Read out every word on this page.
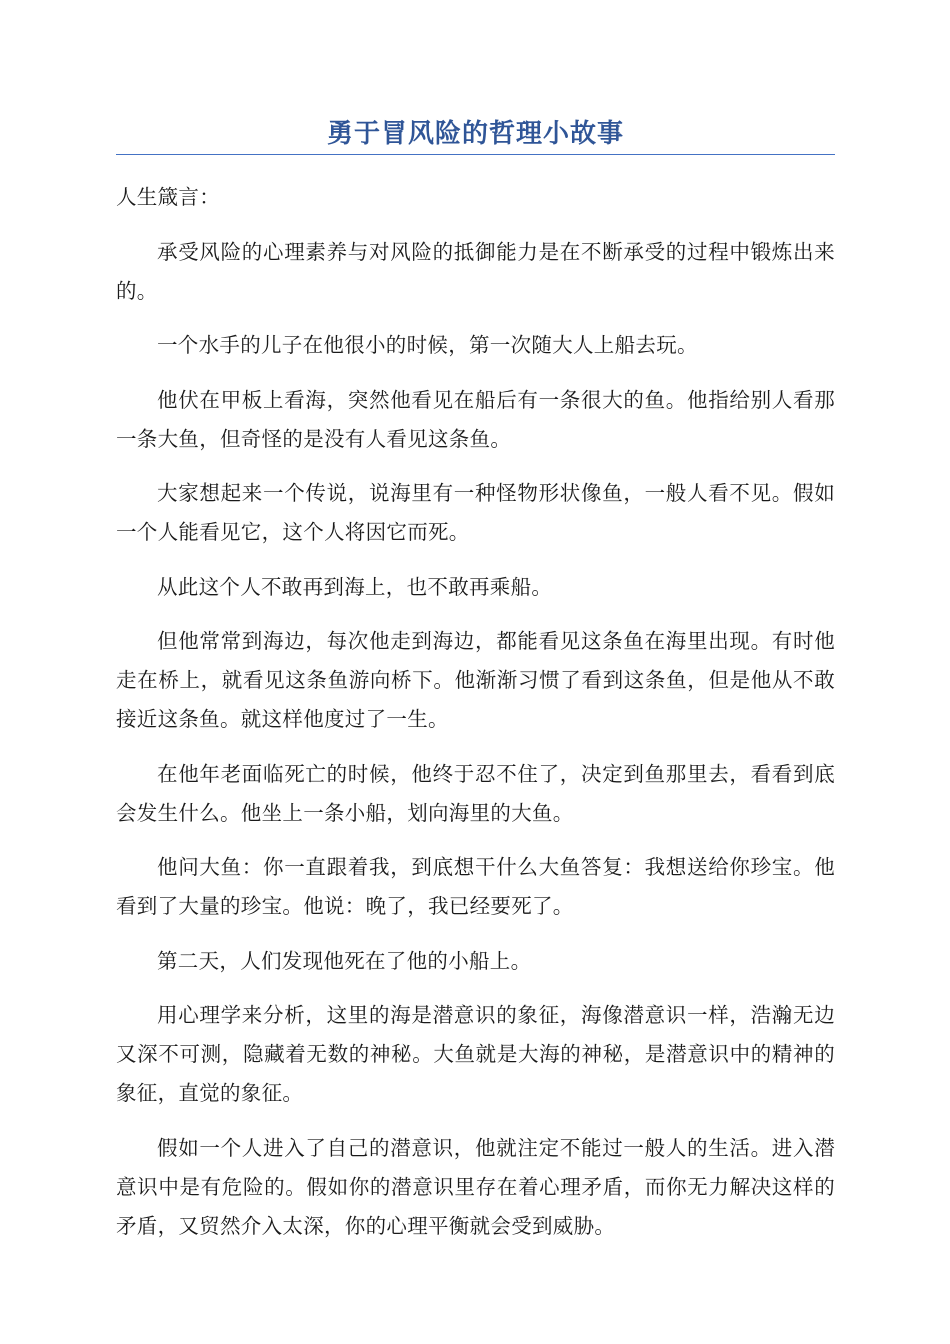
勇于冒风险的哲理小故事

人生箴言：

承受风险的心理素养与对风险的抵御能力是在不断承受的过程中锻炼出来的。

一个水手的儿子在他很小的时候，第一次随大人上船去玩。

他伏在甲板上看海，突然他看见在船后有一条很大的鱼。他指给别人看那一条大鱼，但奇怪的是没有人看见这条鱼。

大家想起来一个传说，说海里有一种怪物形状像鱼，一般人看不见。假如一个人能看见它，这个人将因它而死。

从此这个人不敢再到海上，也不敢再乘船。

但他常常到海边，每次他走到海边，都能看见这条鱼在海里出现。有时他走在桥上，就看见这条鱼游向桥下。他渐渐习惯了看到这条鱼，但是他从不敢接近这条鱼。就这样他度过了一生。

在他年老面临死亡的时候，他终于忍不住了，决定到鱼那里去，看看到底会发生什么。他坐上一条小船，划向海里的大鱼。

他问大鱼：你一直跟着我，到底想干什么大鱼答复：我想送给你珍宝。他看到了大量的珍宝。他说：晚了，我已经要死了。

第二天，人们发现他死在了他的小船上。

用心理学来分析，这里的海是潜意识的象征，海像潜意识一样，浩瀚无边又深不可测，隐藏着无数的神秘。大鱼就是大海的神秘，是潜意识中的精神的象征，直觉的象征。

假如一个人进入了自己的潜意识，他就注定不能过一般人的生活。进入潜意识中是有危险的。假如你的潜意识里存在着心理矛盾，而你无力解决这样的矛盾，又贸然介入太深，你的心理平衡就会受到威胁。
